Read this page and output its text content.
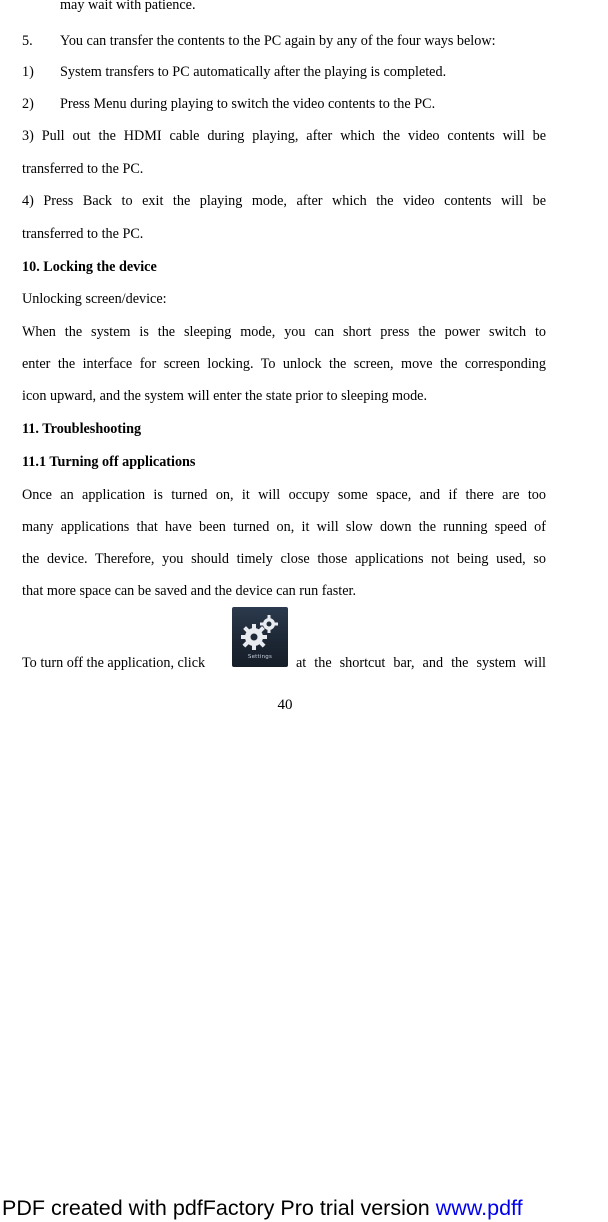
may wait with patience.
5. You can transfer the contents to the PC again by any of the four ways below:
1) System transfers to PC automatically after the playing is completed.
2) Press Menu during playing to switch the video contents to the PC.
3) Pull out the HDMI cable during playing, after which the video contents will be
transferred to the PC.
4) Press Back to exit the playing mode, after which the video contents will be
transferred to the PC.
10. Locking the device
Unlocking screen/device:
When the system is the sleeping mode, you can short press the power switch to
enter the interface for screen locking. To unlock the screen, move the corresponding
icon upward, and the system will enter the state prior to sleeping mode.
11. Troubleshooting
11.1 Turning off applications
Once an application is turned on, it will occupy some space, and if there are too
many applications that have been turned on, it will slow down the running speed of
the device. Therefore, you should timely close those applications not being used, so
that more space can be saved and the device can run faster.
To turn off the application, click	Settings	at the shortcut bar, and the system will
40
PDF created with pdfFactory Pro trial version www.pdff
